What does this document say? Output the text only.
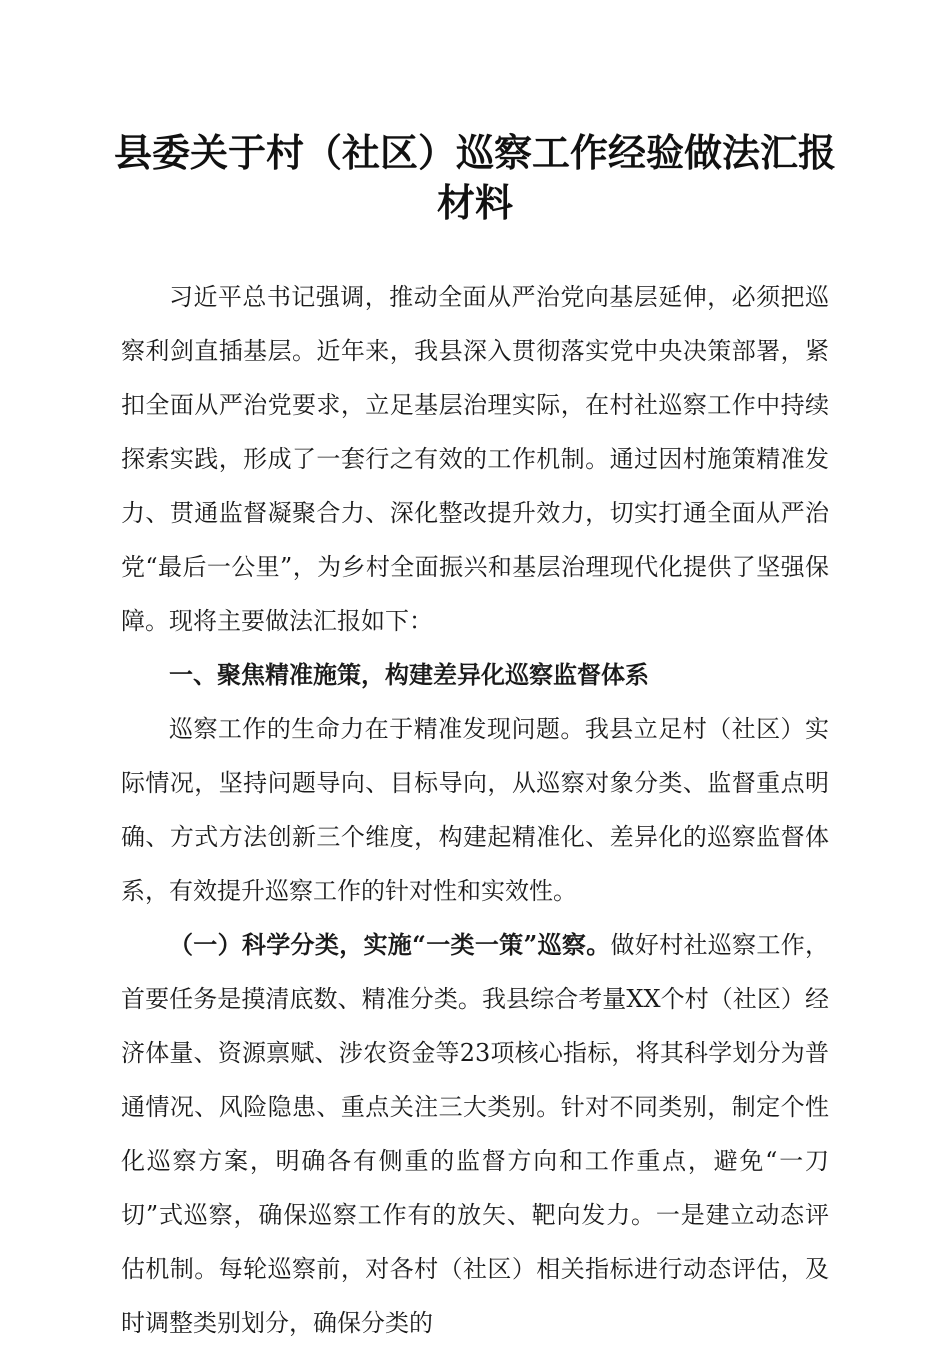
县委关于村（社区）巡察工作经验做法汇报材料

习近平总书记强调，推动全面从严治党向基层延伸，必须把巡察利剑直插基层。近年来，我县深入贯彻落实党中央决策部署，紧扣全面从严治党要求，立足基层治理实际，在村社巡察工作中持续探索实践，形成了一套行之有效的工作机制。通过因村施策精准发力、贯通监督凝聚合力、深化整改提升效力，切实打通全面从严治党“最后一公里”，为乡村全面振兴和基层治理现代化提供了坚强保障。现将主要做法汇报如下：

一、聚焦精准施策，构建差异化巡察监督体系

巡察工作的生命力在于精准发现问题。我县立足村（社区）实际情况，坚持问题导向、目标导向，从巡察对象分类、监督重点明确、方式方法创新三个维度，构建起精准化、差异化的巡察监督体系，有效提升巡察工作的针对性和实效性。

（一）科学分类，实施“一类一策”巡察。做好村社巡察工作，首要任务是摸清底数、精准分类。我县综合考量XX个村（社区）经济体量、资源禀赋、涉农资金等23项核心指标，将其科学划分为普通情况、风险隐患、重点关注三大类别。针对不同类别，制定个性化巡察方案，明确各有侧重的监督方向和工作重点，避免“一刀切”式巡察，确保巡察工作有的放矢、靶向发力。一是建立动态评估机制。每轮巡察前，对各村（社区）相关指标进行动态评估，及时调整类别划分，确保分类的
